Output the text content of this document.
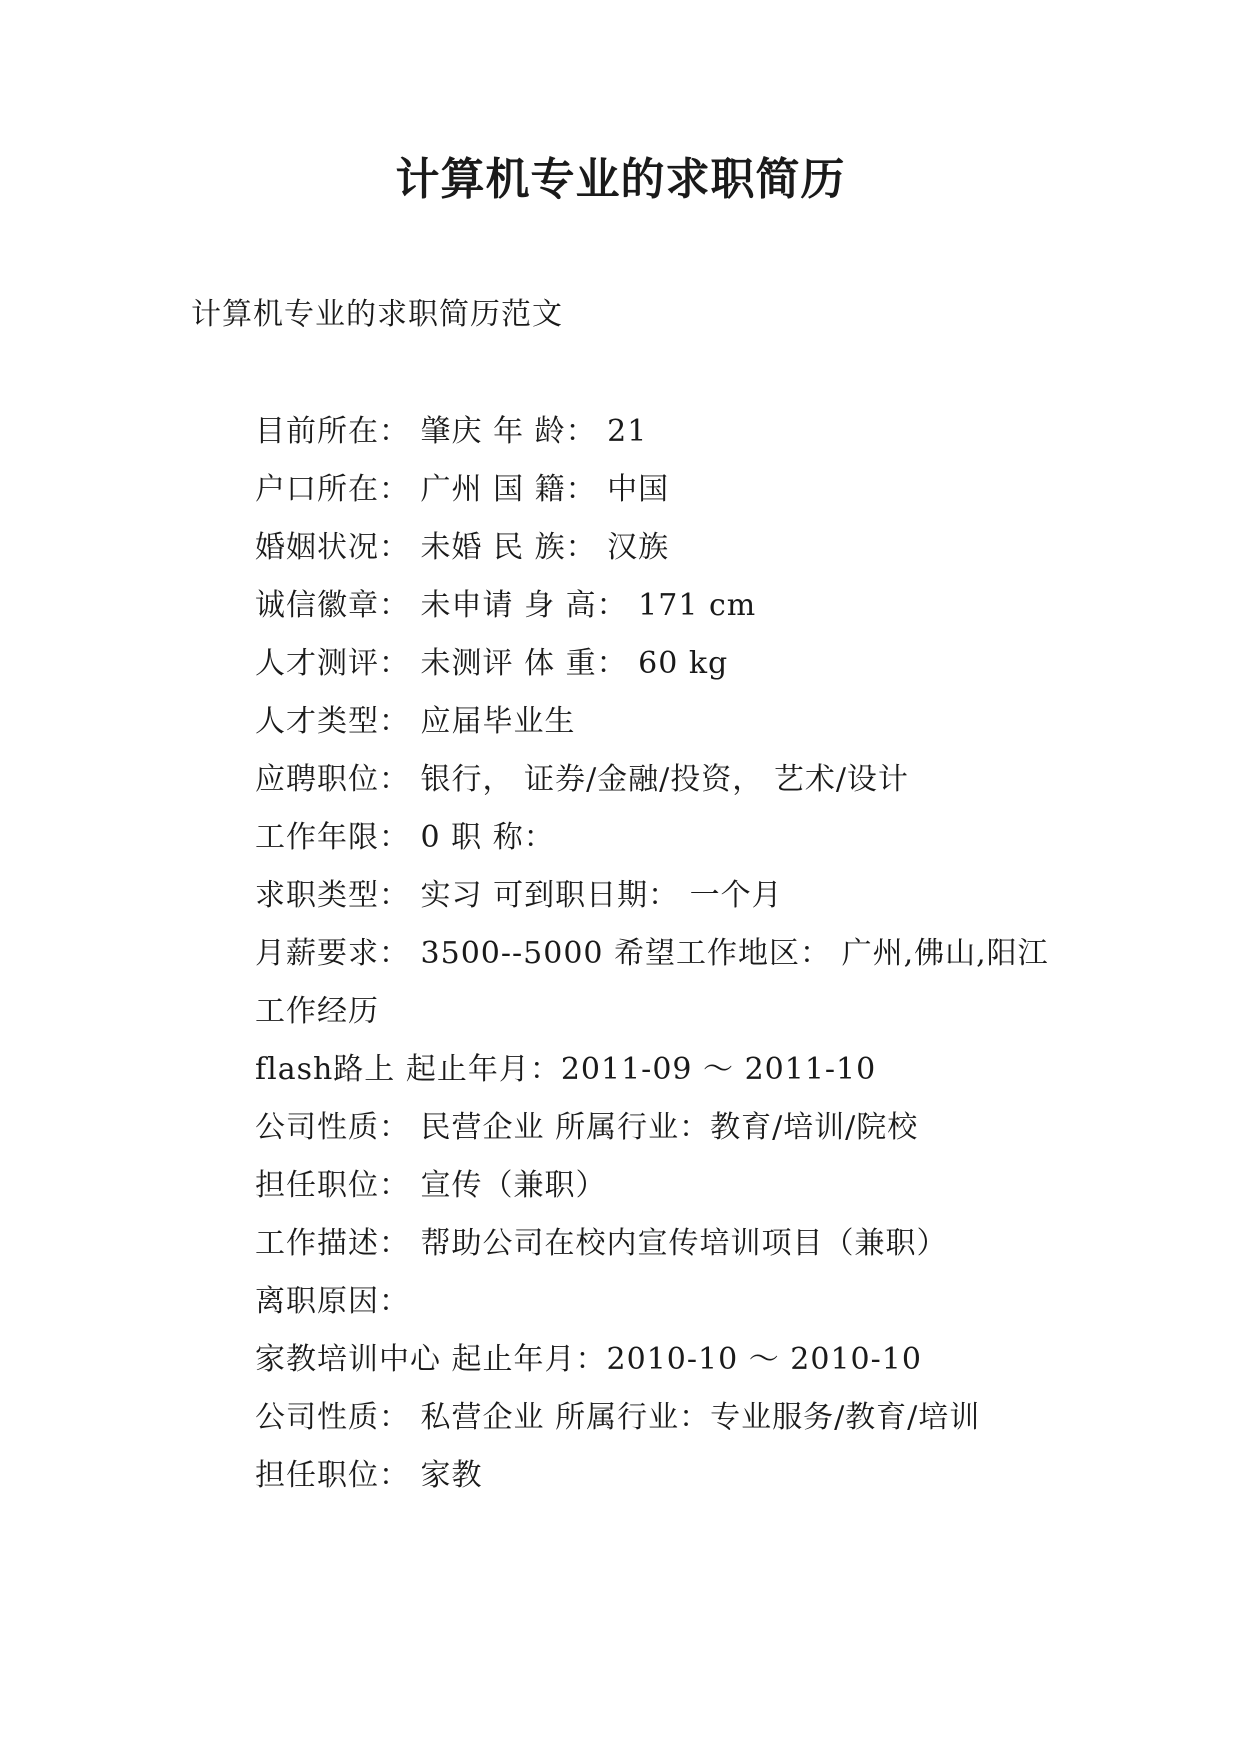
计算机专业的求职简历

计算机专业的求职简历范文

目前所在： 肇庆 年 龄： 21

户口所在： 广州 国 籍： 中国

婚姻状况： 未婚 民 族： 汉族

诚信徽章： 未申请 身 高： 171 cm

人才测评： 未测评 体 重： 60 kg

人才类型： 应届毕业生

应聘职位： 银行， 证券/金融/投资， 艺术/设计

工作年限： 0 职 称：

求职类型： 实习 可到职日期： 一个月

月薪要求： 3500--5000 希望工作地区： 广州,佛山,阳江

工作经历

flash路上 起止年月：2011-09 ～ 2011-10

公司性质： 民营企业 所属行业：教育/培训/院校

担任职位： 宣传（兼职）

工作描述： 帮助公司在校内宣传培训项目（兼职）

离职原因：

家教培训中心 起止年月：2010-10 ～ 2010-10

公司性质： 私营企业 所属行业：专业服务/教育/培训

担任职位： 家教
